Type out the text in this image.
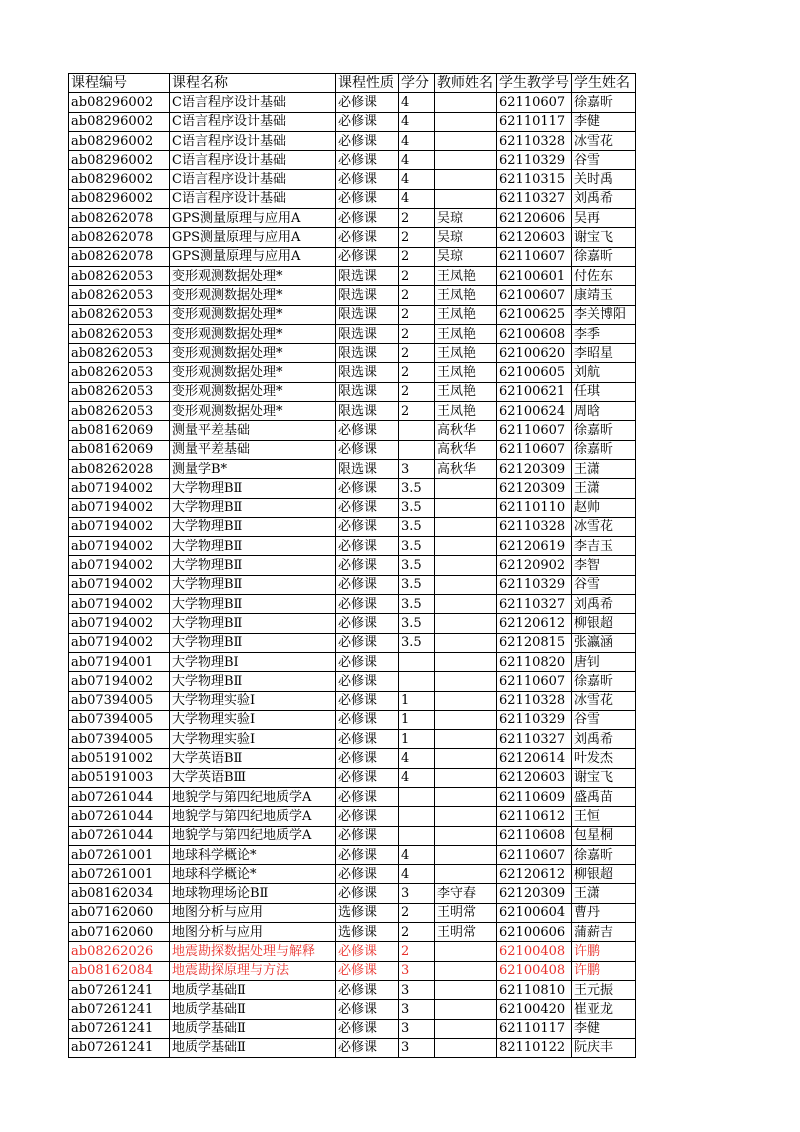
课程编号	课程名称	课程性质	学分	教师姓名	学生教学号	学生姓名
ab08296002	C语言程序设计基础	必修课	4		62110607	徐嘉昕
ab08296002	C语言程序设计基础	必修课	4		62110117	李健
ab08296002	C语言程序设计基础	必修课	4		62110328	冰雪花
ab08296002	C语言程序设计基础	必修课	4		62110329	谷雪
ab08296002	C语言程序设计基础	必修课	4		62110315	关时禹
ab08296002	C语言程序设计基础	必修课	4		62110327	刘禹希
ab08262078	GPS测量原理与应用A	必修课	2	吴琼	62120606	吴再
ab08262078	GPS测量原理与应用A	必修课	2	吴琼	62120603	谢宝飞
ab08262078	GPS测量原理与应用A	必修课	2	吴琼	62110607	徐嘉昕
ab08262053	变形观测数据处理*	限选课	2	王凤艳	62100601	付佐东
ab08262053	变形观测数据处理*	限选课	2	王凤艳	62100607	康靖玉
ab08262053	变形观测数据处理*	限选课	2	王凤艳	62100625	李关博阳
ab08262053	变形观测数据处理*	限选课	2	王凤艳	62100608	李季
ab08262053	变形观测数据处理*	限选课	2	王凤艳	62100620	李昭星
ab08262053	变形观测数据处理*	限选课	2	王凤艳	62100605	刘航
ab08262053	变形观测数据处理*	限选课	2	王凤艳	62100621	任琪
ab08262053	变形观测数据处理*	限选课	2	王凤艳	62100624	周晗
ab08162069	测量平差基础	必修课		高秋华	62110607	徐嘉昕
ab08162069	测量平差基础	必修课		高秋华	62110607	徐嘉昕
ab08262028	测量学B*	限选课	3	高秋华	62120309	王潇
ab07194002	大学物理BⅡ	必修课	3.5		62120309	王潇
ab07194002	大学物理BⅡ	必修课	3.5		62110110	赵帅
ab07194002	大学物理BⅡ	必修课	3.5		62110328	冰雪花
ab07194002	大学物理BⅡ	必修课	3.5		62120619	李吉玉
ab07194002	大学物理BⅡ	必修课	3.5		62120902	李智
ab07194002	大学物理BⅡ	必修课	3.5		62110329	谷雪
ab07194002	大学物理BⅡ	必修课	3.5		62110327	刘禹希
ab07194002	大学物理BⅡ	必修课	3.5		62120612	柳银超
ab07194002	大学物理BⅡ	必修课	3.5		62120815	张瀛涵
ab07194001	大学物理BⅠ	必修课			62110820	唐钊
ab07194002	大学物理BⅡ	必修课			62110607	徐嘉昕
ab07394005	大学物理实验Ⅰ	必修课	1		62110328	冰雪花
ab07394005	大学物理实验Ⅰ	必修课	1		62110329	谷雪
ab07394005	大学物理实验Ⅰ	必修课	1		62110327	刘禹希
ab05191002	大学英语BⅡ	必修课	4		62120614	叶发杰
ab05191003	大学英语BⅢ	必修课	4		62120603	谢宝飞
ab07261044	地貌学与第四纪地质学A	必修课			62110609	盛禹苗
ab07261044	地貌学与第四纪地质学A	必修课			62110612	王恒
ab07261044	地貌学与第四纪地质学A	必修课			62110608	包星桐
ab07261001	地球科学概论*	必修课	4		62110607	徐嘉昕
ab07261001	地球科学概论*	必修课	4		62120612	柳银超
ab08162034	地球物理场论BⅡ	必修课	3	李守春	62120309	王潇
ab07162060	地图分析与应用	选修课	2	王明常	62100604	曹丹
ab07162060	地图分析与应用	选修课	2	王明常	62100606	蒲薪吉
ab08262026	地震勘探数据处理与解释	必修课	2		62100408	许鹏
ab08162084	地震勘探原理与方法	必修课	3		62100408	许鹏
ab07261241	地质学基础Ⅱ	必修课	3		62110810	王元振
ab07261241	地质学基础Ⅱ	必修课	3		62100420	崔亚龙
ab07261241	地质学基础Ⅱ	必修课	3		62110117	李健
ab07261241	地质学基础Ⅱ	必修课	3		82110122	阮庆丰
